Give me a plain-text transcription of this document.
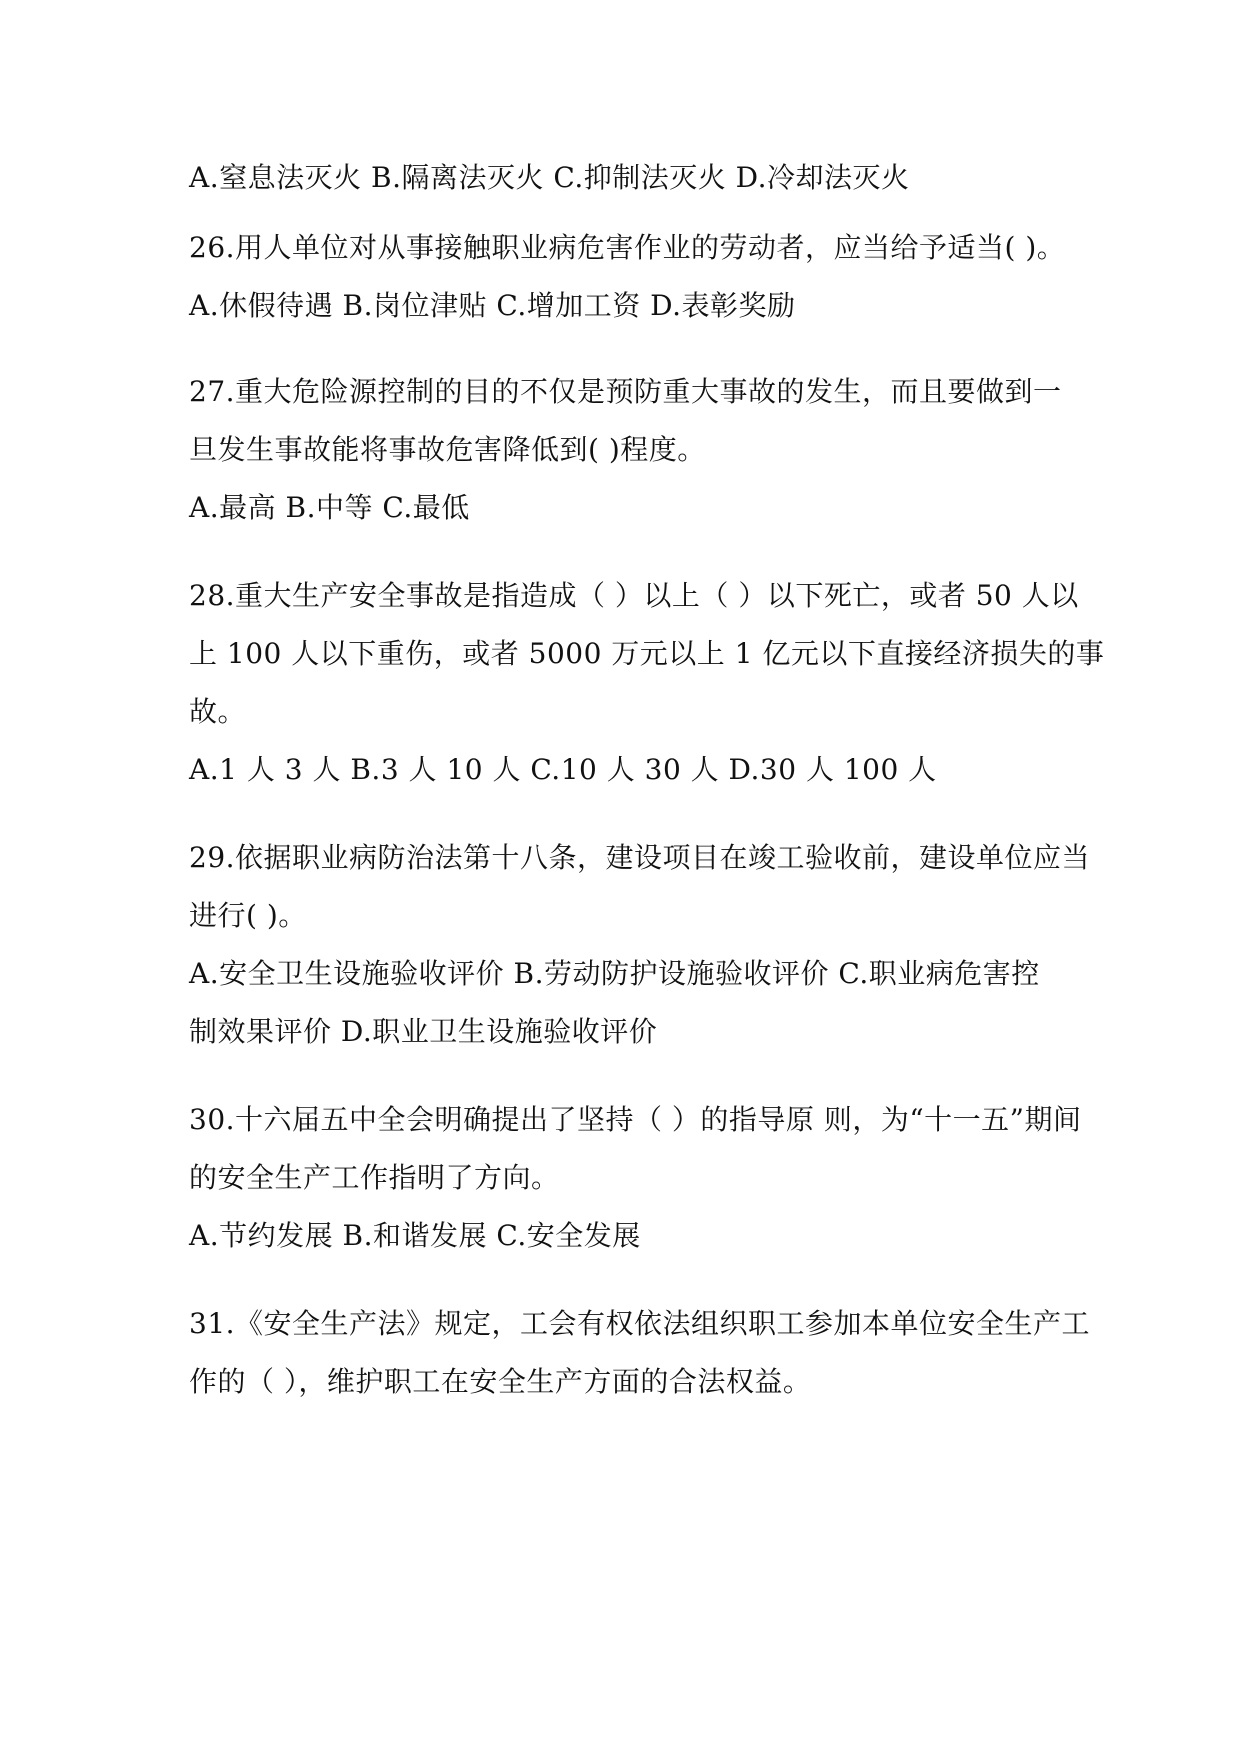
A.窒息法灭火 B.隔离法灭火 C.抑制法灭火 D.冷却法灭火
26.用人单位对从事接触职业病危害作业的劳动者，应当给予适当( )。
A.休假待遇 B.岗位津贴 C.增加工资 D.表彰奖励
27.重大危险源控制的目的不仅是预防重大事故的发生，而且要做到一
旦发生事故能将事故危害降低到( )程度。
A.最高 B.中等 C.最低
28.重大生产安全事故是指造成（ ）以上（ ）以下死亡，或者 50 人以
上 100 人以下重伤，或者 5000 万元以上 1 亿元以下直接经济损失的事
故。
A.1 人 3 人 B.3 人 10 人 C.10 人 30 人 D.30 人 100 人
29.依据职业病防治法第十八条，建设项目在竣工验收前，建设单位应当
进行( )。
A.安全卫生设施验收评价 B.劳动防护设施验收评价 C.职业病危害控
制效果评价 D.职业卫生设施验收评价
30.十六届五中全会明确提出了坚持（ ）的指导原 则，为“十一五”期间
的安全生产工作指明了方向。
A.节约发展 B.和谐发展 C.安全发展
31.《安全生产法》规定，工会有权依法组织职工参加本单位安全生产工
作的（ ），维护职工在安全生产方面的合法权益。
